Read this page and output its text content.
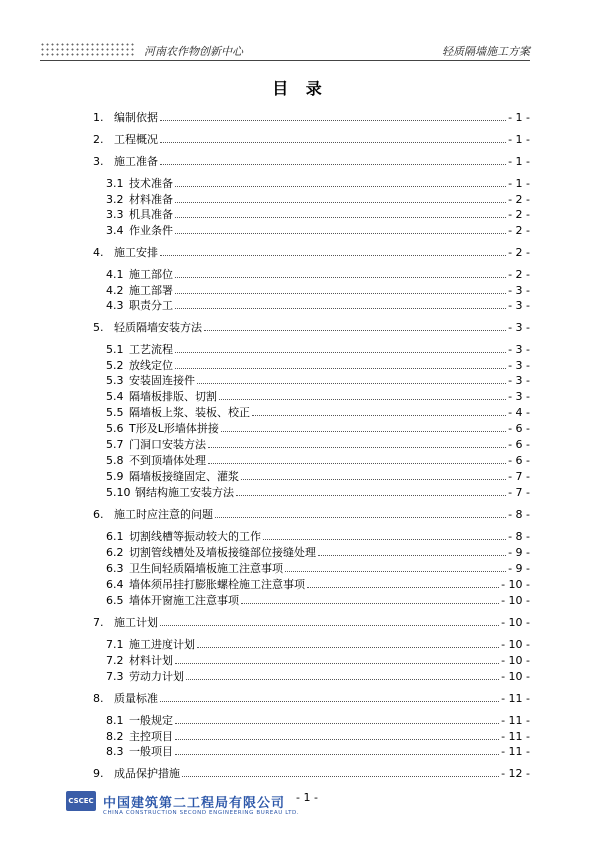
河南农作物创新中心	轻质隔墙施工方案
目 录
1. 编制依据	- 1 -
2. 工程概况	- 1 -
3. 施工准备	- 1 -
3.1 技术准备	- 1 -
3.2 材料准备	- 2 -
3.3 机具准备	- 2 -
3.4 作业条件	- 2 -
4. 施工安排	- 2 -
4.1 施工部位	- 2 -
4.2 施工部署	- 3 -
4.3 职责分工	- 3 -
5. 轻质隔墙安装方法	- 3 -
5.1 工艺流程	- 3 -
5.2 放线定位	- 3 -
5.3 安装固连接件	- 3 -
5.4 隔墙板排版、切割	- 3 -
5.5 隔墙板上浆、装板、校正	- 4 -
5.6 T形及L形墙体拼接	- 6 -
5.7 门洞口安装方法	- 6 -
5.8 不到顶墙体处理	- 6 -
5.9 隔墙板接缝固定、灌浆	- 7 -
5.10 钢结构施工安装方法	- 7 -
6. 施工时应注意的问题	- 8 -
6.1 切割线槽等振动较大的工作	- 8 -
6.2 切割管线槽处及墙板接缝部位接缝处理	- 9 -
6.3 卫生间轻质隔墙板施工注意事项	- 9 -
6.4 墙体须吊挂打膨胀螺栓施工注意事项	- 10 -
6.5 墙体开窗施工注意事项	- 10 -
7. 施工计划	- 10 -
7.1 施工进度计划	- 10 -
7.2 材料计划	- 10 -
7.3 劳动力计划	- 10 -
8. 质量标准	- 11 -
8.1 一般规定	- 11 -
8.2 主控项目	- 11 -
8.3 一般项目	- 11 -
9. 成品保护措施	- 12 -
CSCEC 中国建筑第二工程局有限公司
CHINA CONSTRUCTION SECOND ENGINEERING BUREAU LTD.
- 1 -
